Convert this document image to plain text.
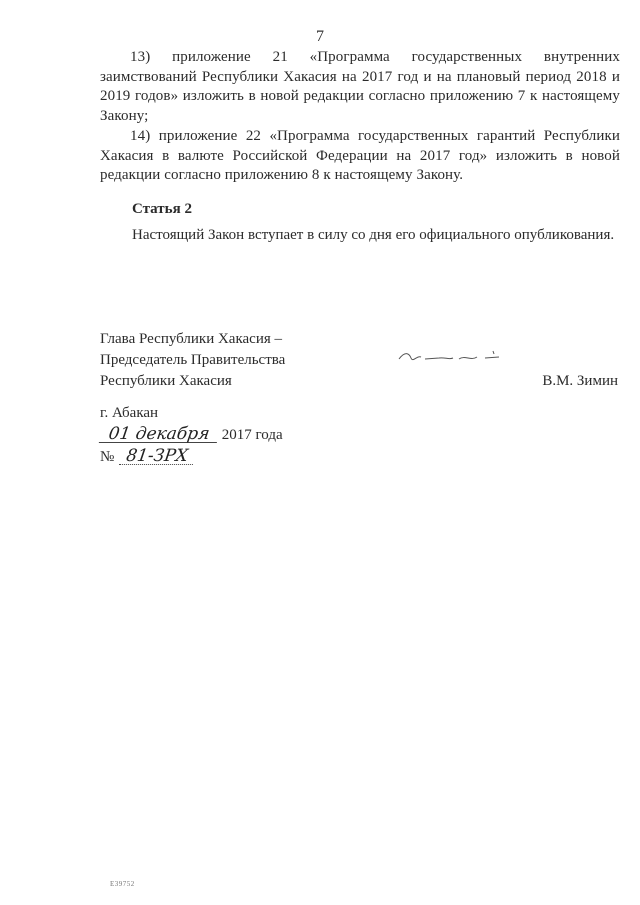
7
13) приложение 21 «Программа государственных внутренних заимствований Республики Хакасия на 2017 год и на плановый период 2018 и 2019 годов» изложить в новой редакции согласно приложению 7 к настоящему Закону;
14) приложение 22 «Программа государственных гарантий Республики Хакасия в валюте Российской Федерации на 2017 год» изложить в новой редакции согласно приложению 8 к настоящему Закону.
Статья 2
Настоящий Закон вступает в силу со дня его официального опубликования.
Глава Республики Хакасия –
Председатель Правительства
Республики Хакасия	В.М. Зимин
г. Абакан
01 декабря 2017 года
№ 81-ЗРХ
Е39752
